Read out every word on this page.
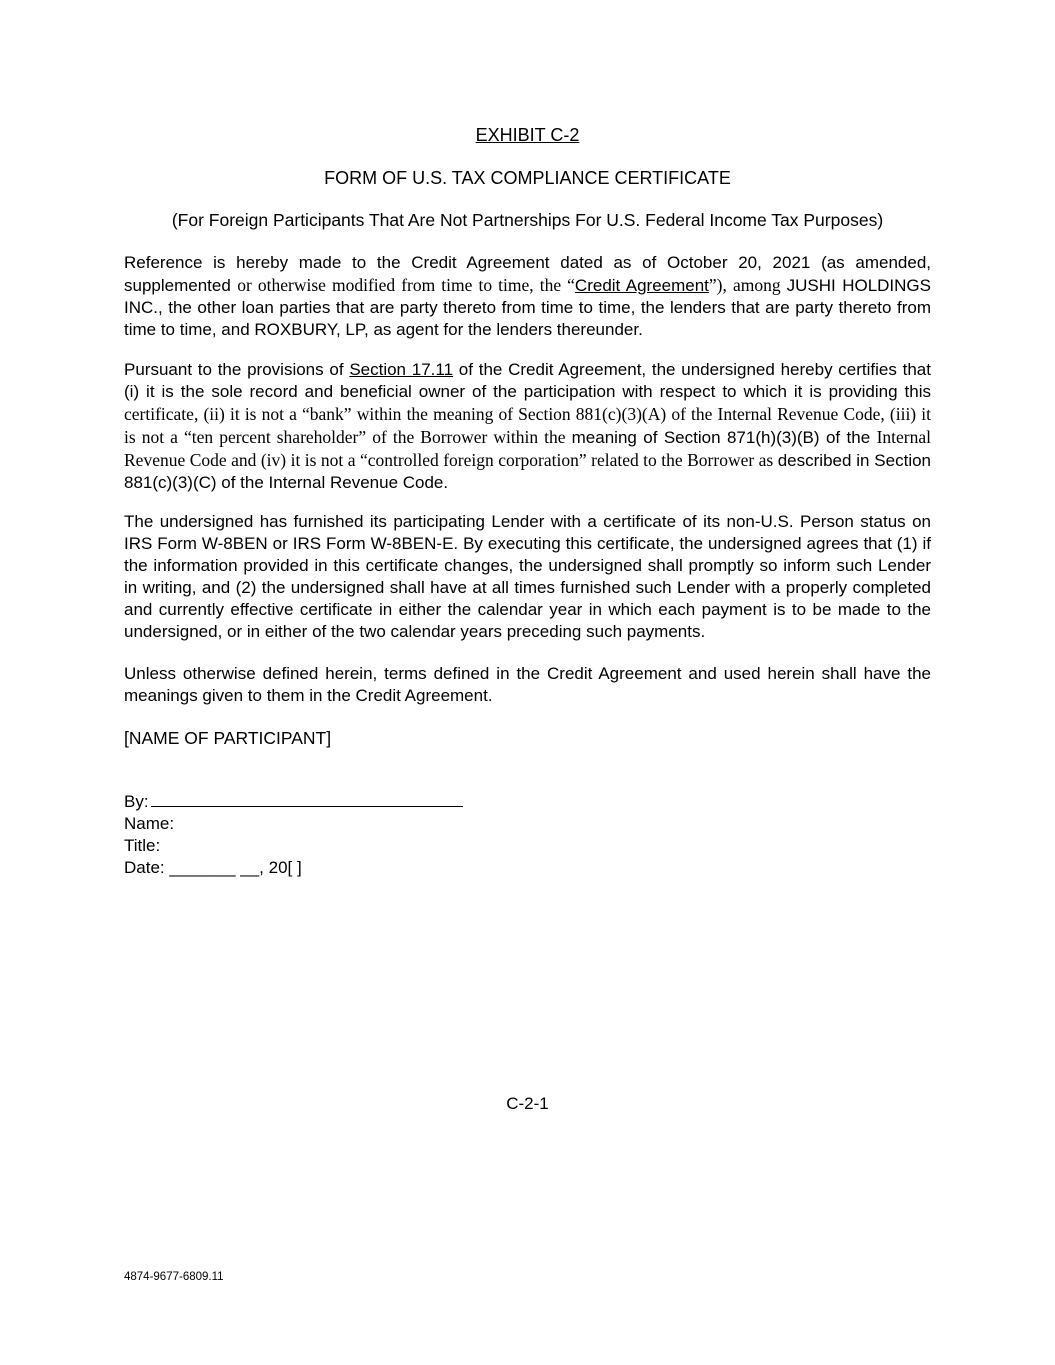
EXHIBIT C-2

FORM OF U.S. TAX COMPLIANCE CERTIFICATE

(For Foreign Participants That Are Not Partnerships For U.S. Federal Income Tax Purposes)

Reference is hereby made to the Credit Agreement dated as of October 20, 2021 (as amended, supplemented or otherwise modified from time to time, the “Credit Agreement”), among JUSHI HOLDINGS INC., the other loan parties that are party thereto from time to time, the lenders that are party thereto from time to time, and ROXBURY, LP, as agent for the lenders thereunder.

Pursuant to the provisions of Section 17.11 of the Credit Agreement, the undersigned hereby certifies that (i) it is the sole record and beneficial owner of the participation with respect to which it is providing this certificate, (ii) it is not a “bank” within the meaning of Section 881(c)(3)(A) of the Internal Revenue Code, (iii) it is not a “ten percent shareholder” of the Borrower within the meaning of Section 871(h)(3)(B) of the Internal Revenue Code and (iv) it is not a “controlled foreign corporation” related to the Borrower as described in Section 881(c)(3)(C) of the Internal Revenue Code.

The undersigned has furnished its participating Lender with a certificate of its non-U.S. Person status on IRS Form W-8BEN or IRS Form W-8BEN-E. By executing this certificate, the undersigned agrees that (1) if the information provided in this certificate changes, the undersigned shall promptly so inform such Lender in writing, and (2) the undersigned shall have at all times furnished such Lender with a properly completed and currently effective certificate in either the calendar year in which each payment is to be made to the undersigned, or in either of the two calendar years preceding such payments.

Unless otherwise defined herein, terms defined in the Credit Agreement and used herein shall have the meanings given to them in the Credit Agreement.

[NAME OF PARTICIPANT]

By:

Name:

Title:

Date: _______ __, 20[ ]

C-2-1

4874-9677-6809.11
